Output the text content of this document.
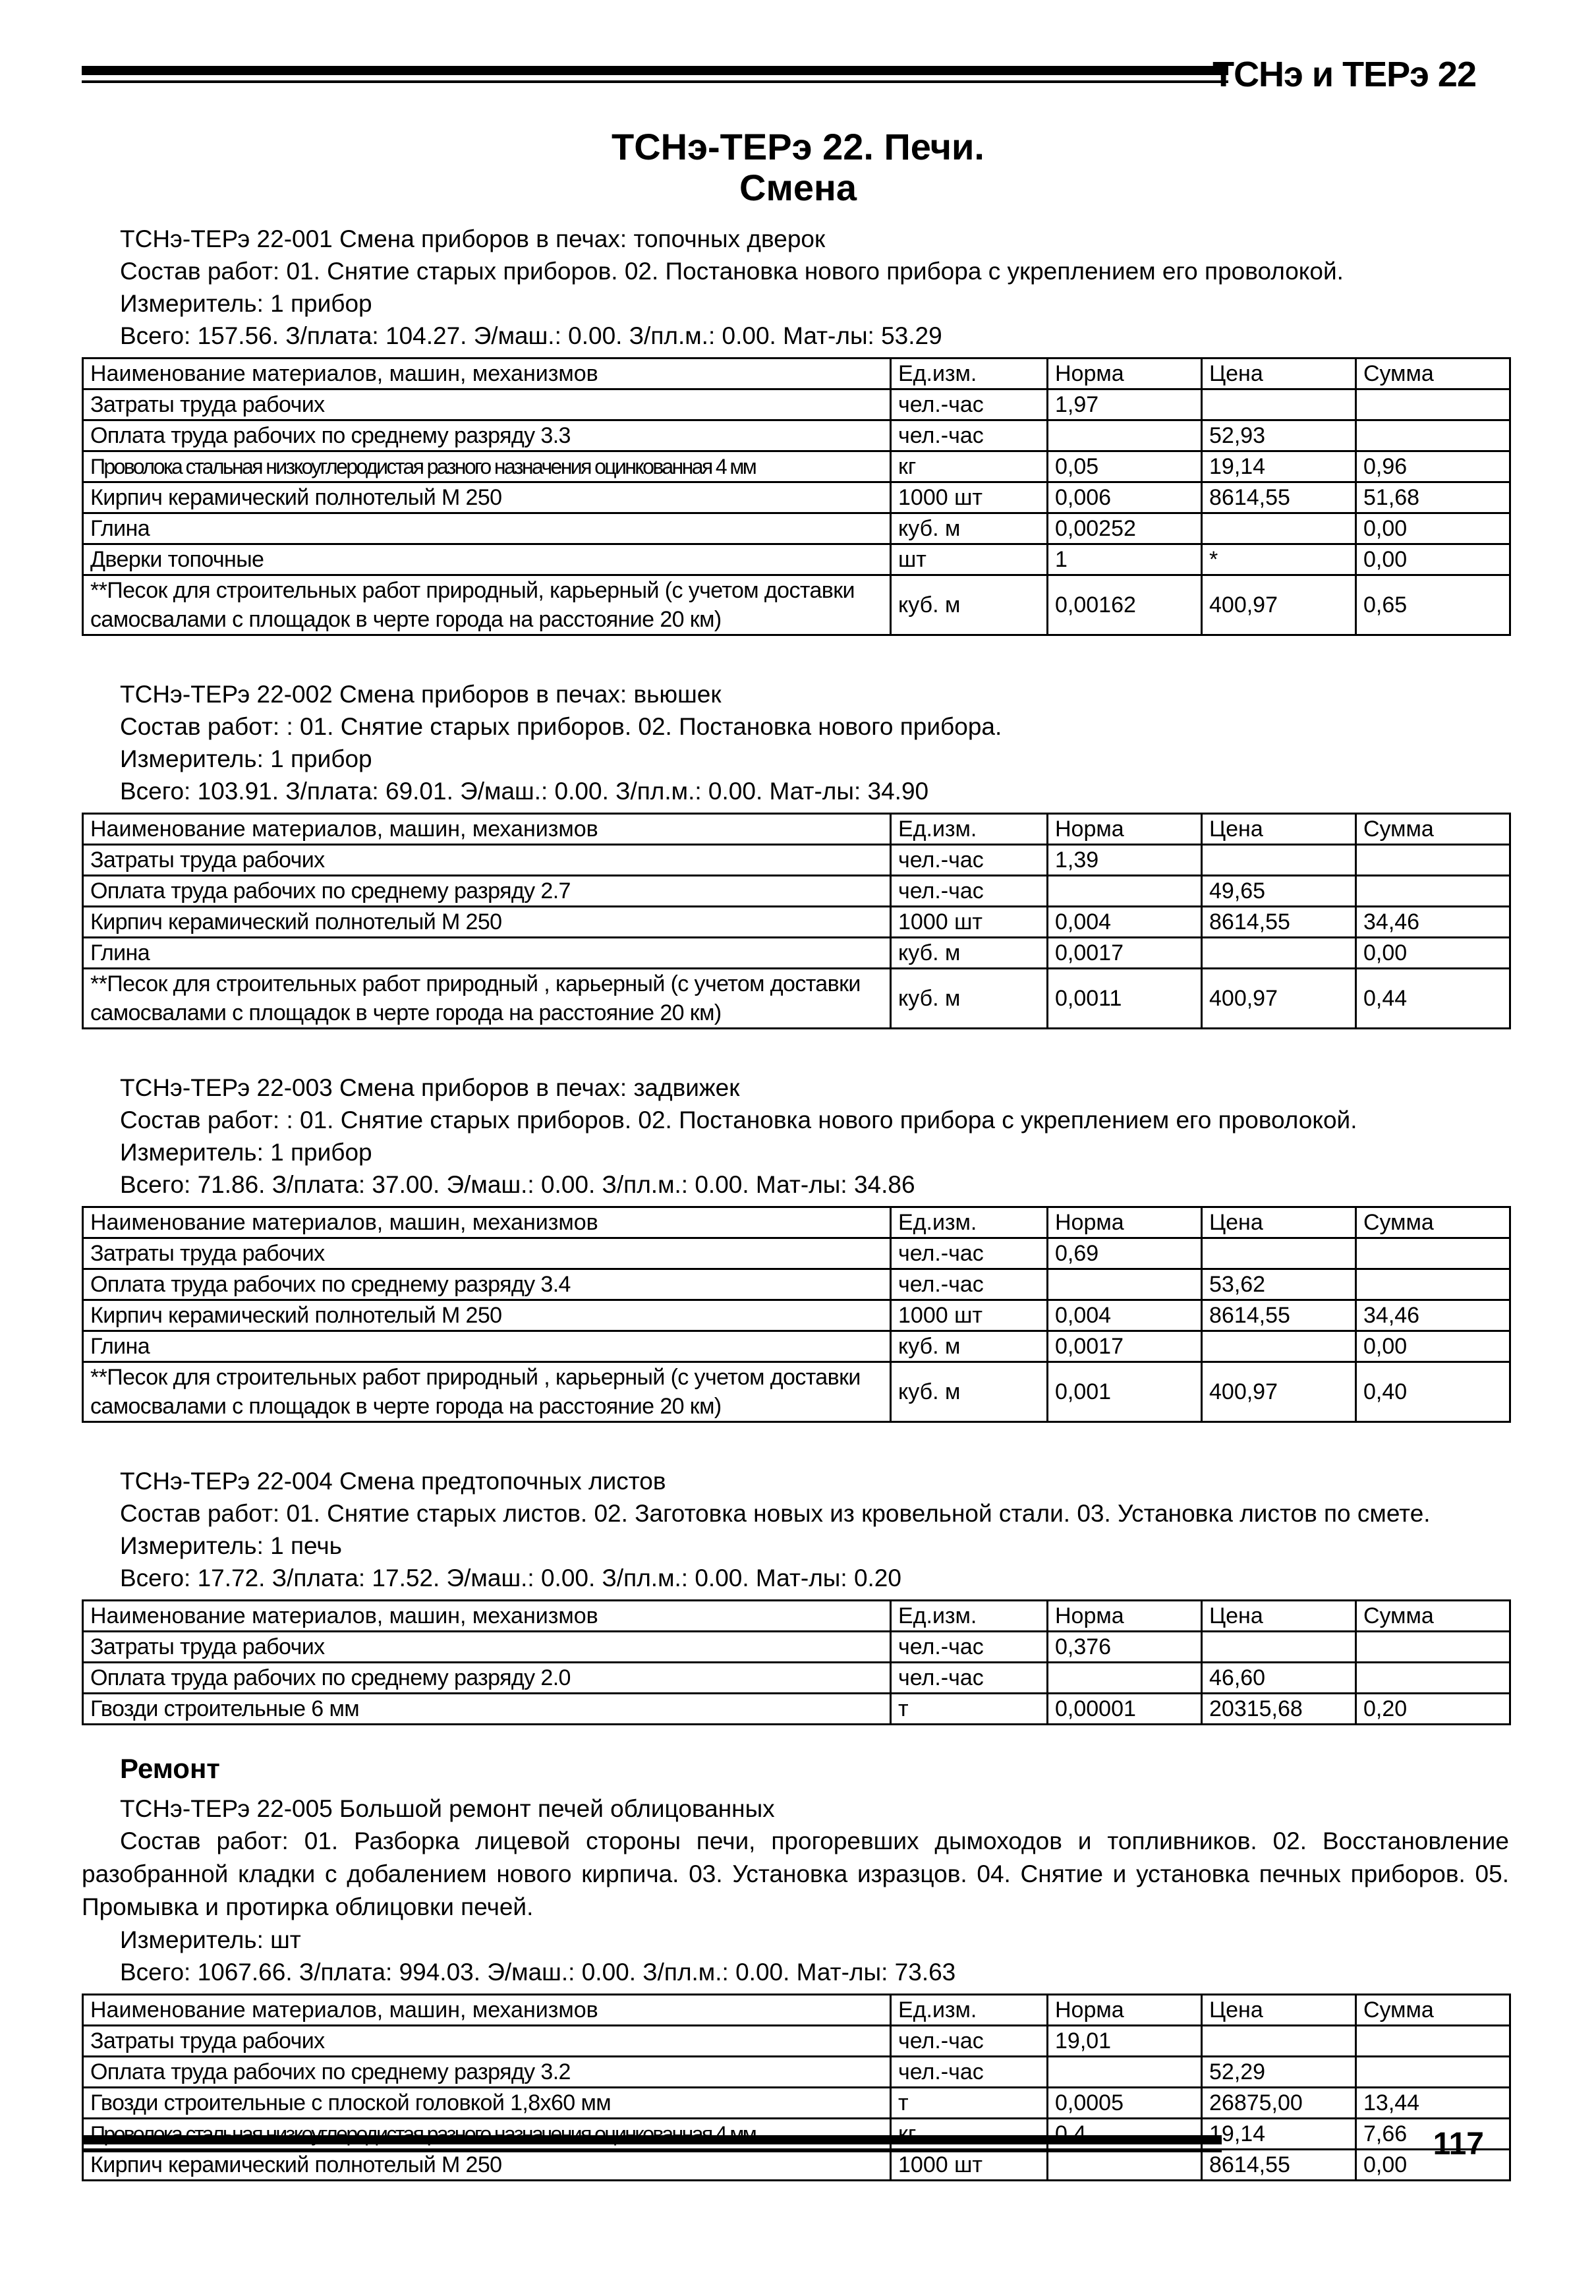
ТСНэ и ТЕРэ 22
ТСНэ-ТЕРэ 22. Печи.
Смена
ТСНэ-ТЕРэ 22-001 Смена приборов в печах: топочных дверок
Состав работ: 01. Снятие старых приборов. 02. Постановка нового прибора с укреплением его проволокой.
Измеритель: 1 прибор
Всего: 157.56. З/плата: 104.27. Э/маш.: 0.00. З/пл.м.: 0.00. Мат-лы: 53.29
Наименование материалов, машин, механизмов	Ед.изм.	Норма	Цена	Сумма
Затраты труда рабочих	чел.-час	1,97		
Оплата труда рабочих по среднему разряду 3.3	чел.-час		52,93	
Проволока стальная низкоуглеродистая разного назначения оцинкованная 4 мм	кг	0,05	19,14	0,96
Кирпич керамический полнотелый М 250	1000 шт	0,006	8614,55	51,68
Глина	куб. м	0,00252		0,00
Дверки топочные	шт	1	*	0,00
**Песок для строительных работ природный, карьерный (с учетом доставки самосвалами с площадок в черте города на расстояние 20 км)	куб. м	0,00162	400,97	0,65
ТСНэ-ТЕРэ 22-002 Смена приборов в печах: вьюшек
Состав работ: : 01. Снятие старых приборов. 02. Постановка нового прибора.
Измеритель: 1 прибор
Всего: 103.91. З/плата: 69.01. Э/маш.: 0.00. З/пл.м.: 0.00. Мат-лы: 34.90
Наименование материалов, машин, механизмов	Ед.изм.	Норма	Цена	Сумма
Затраты труда рабочих	чел.-час	1,39		
Оплата труда рабочих по среднему разряду 2.7	чел.-час		49,65	
Кирпич керамический полнотелый М 250	1000 шт	0,004	8614,55	34,46
Глина	куб. м	0,0017		0,00
**Песок для строительных работ природный , карьерный (с учетом доставки самосвалами с площадок в черте города на расстояние 20 км)	куб. м	0,0011	400,97	0,44
ТСНэ-ТЕРэ 22-003 Смена приборов в печах: задвижек
Состав работ: : 01. Снятие старых приборов. 02. Постановка нового прибора с укреплением его проволокой.
Измеритель: 1 прибор
Всего: 71.86. З/плата: 37.00. Э/маш.: 0.00. З/пл.м.: 0.00. Мат-лы: 34.86
Наименование материалов, машин, механизмов	Ед.изм.	Норма	Цена	Сумма
Затраты труда рабочих	чел.-час	0,69		
Оплата труда рабочих по среднему разряду 3.4	чел.-час		53,62	
Кирпич керамический полнотелый М 250	1000 шт	0,004	8614,55	34,46
Глина	куб. м	0,0017		0,00
**Песок для строительных работ природный , карьерный (с учетом доставки самосвалами с площадок в черте города на расстояние 20 км)	куб. м	0,001	400,97	0,40
ТСНэ-ТЕРэ 22-004 Смена предтопочных листов
Состав работ: 01. Снятие старых листов. 02. Заготовка новых из кровельной стали. 03. Установка листов по смете.
Измеритель: 1 печь
Всего: 17.72. З/плата: 17.52. Э/маш.: 0.00. З/пл.м.: 0.00. Мат-лы: 0.20
Наименование материалов, машин, механизмов	Ед.изм.	Норма	Цена	Сумма
Затраты труда рабочих	чел.-час	0,376		
Оплата труда рабочих по среднему разряду 2.0	чел.-час		46,60	
Гвозди строительные 6 мм	т	0,00001	20315,68	0,20
Ремонт
ТСНэ-ТЕРэ 22-005 Большой ремонт печей облицованных
Состав работ: 01. Разборка лицевой стороны печи, прогоревших дымоходов и топливников. 02. Восстановление разобранной кладки с добалением нового кирпича. 03. Установка изразцов. 04. Снятие и установка печных приборов. 05. Промывка и протирка облицовки печей.
Измеритель: шт
Всего: 1067.66. З/плата: 994.03. Э/маш.: 0.00. З/пл.м.: 0.00. Мат-лы: 73.63
Наименование материалов, машин, механизмов	Ед.изм.	Норма	Цена	Сумма
Затраты труда рабочих	чел.-час	19,01		
Оплата труда рабочих по среднему разряду 3.2	чел.-час		52,29	
Гвозди строительные с плоской головкой 1,8х60 мм	т	0,0005	26875,00	13,44
Проволока стальная низкоуглеродистая разного назначения оцинкованная 4 мм	кг	0,4	19,14	7,66
Кирпич керамический полнотелый М 250	1000 шт		8614,55	0,00
117
